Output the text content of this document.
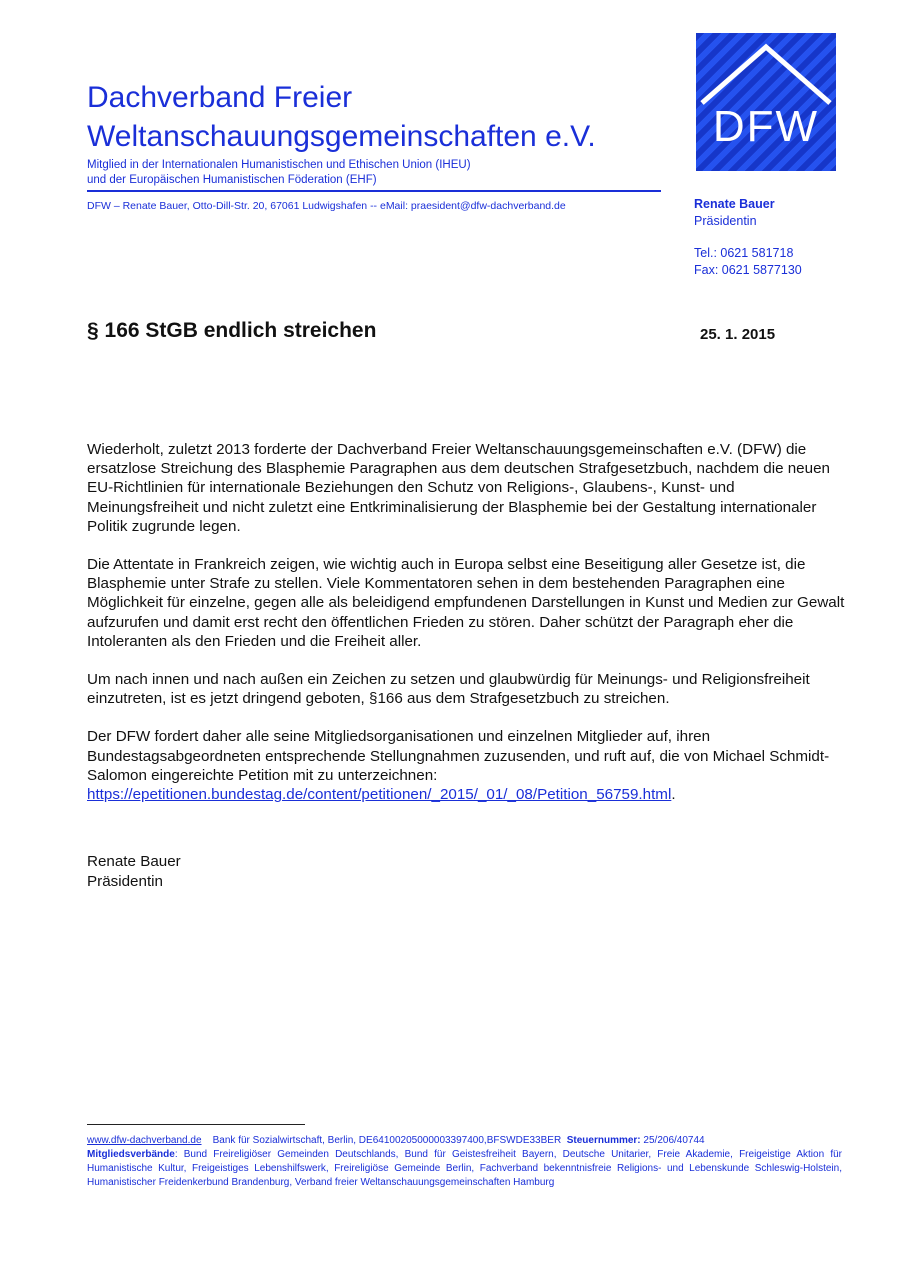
Dachverband Freier
Weltanschauungsgemeinschaften e.V.
Mitglied in der Internationalen Humanistischen und Ethischen Union (IHEU)
und der Europäischen Humanistischen Föderation (EHF)
DFW – Renate Bauer, Otto-Dill-Str. 20, 67061 Ludwigshafen -- eMail: praesident@dfw-dachverband.de
DFW
Renate Bauer
Präsidentin
Tel.: 0621 581718
Fax: 0621 5877130
§ 166 StGB endlich streichen	25. 1. 2015

Wiederholt, zuletzt 2013 forderte der Dachverband Freier Weltanschauungsgemeinschaften e.V. (DFW) die ersatzlose Streichung des Blasphemie Paragraphen aus dem deutschen Strafgesetzbuch, nachdem die neuen EU-Richtlinien für internationale Beziehungen den Schutz von Religions-, Glaubens-, Kunst- und Meinungsfreiheit und nicht zuletzt eine Entkriminalisierung der Blasphemie bei der Gestaltung internationaler Politik zugrunde legen.

Die Attentate in Frankreich zeigen, wie wichtig auch in Europa selbst eine Beseitigung aller Gesetze ist, die Blasphemie unter Strafe zu stellen. Viele Kommentatoren sehen in dem bestehenden Paragraphen eine Möglichkeit für einzelne, gegen alle als beleidigend empfundenen Darstellungen in Kunst und Medien zur Gewalt aufzurufen und damit erst recht den öffentlichen Frieden zu stören. Daher schützt der Paragraph eher die Intoleranten als den Frieden und die Freiheit aller.

Um nach innen und nach außen ein Zeichen zu setzen und glaubwürdig für Meinungs- und Religionsfreiheit einzutreten, ist es jetzt dringend geboten, §166 aus dem Strafgesetzbuch zu streichen.

Der DFW fordert daher alle seine Mitgliedsorganisationen und einzelnen Mitglieder auf, ihren Bundestagsabgeordneten entsprechende Stellungnahmen zuzusenden, und ruft auf, die von Michael Schmidt-Salomon eingereichte Petition mit zu unterzeichnen:
https://epetitionen.bundestag.de/content/petitionen/_2015/_01/_08/Petition_56759.html.

Renate Bauer
Präsidentin
www.dfw-dachverband.de Bank für Sozialwirtschaft, Berlin, DE64100205000003397400,BFSWDE33BER Steuernummer: 25/206/40744
Mitgliedsverbände: Bund Freireligiöser Gemeinden Deutschlands, Bund für Geistesfreiheit Bayern, Deutsche Unitarier, Freie Akademie, Freigeistige Aktion für Humanistische Kultur, Freigeistiges Lebenshilfswerk, Freireligiöse Gemeinde Berlin, Fachverband bekenntnisfreie Religions- und Lebenskunde Schleswig-Holstein, Humanistischer Freidenkerbund Brandenburg, Verband freier Weltanschauungsgemeinschaften Hamburg
